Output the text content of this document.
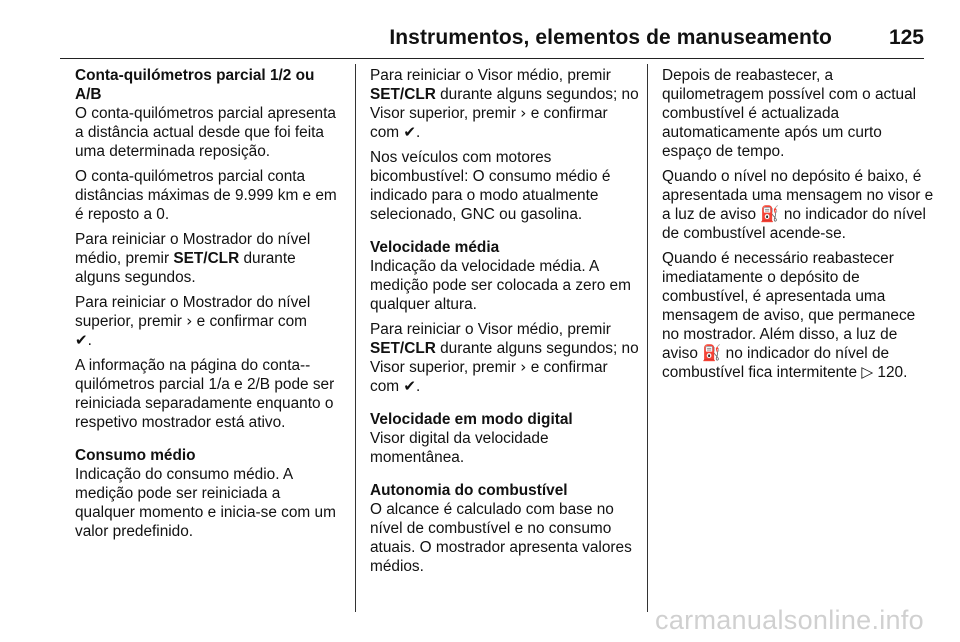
Instrumentos, elementos de manuseamento	125
Conta-quilómetros parcial 1/2 ou A/B

O conta-quilómetros parcial apresenta a distância actual desde que foi feita uma determinada reposição.

O conta-quilómetros parcial conta distâncias máximas de 9.999 km e em é reposto a 0.

Para reiniciar o Mostrador do nível médio, premir SET/CLR durante alguns segundos.

Para reiniciar o Mostrador do nível superior, premir › e confirmar com
✔.

A informação na página do conta--quilómetros parcial 1/a e 2/B pode ser reiniciada separadamente enquanto o respetivo mostrador está ativo.

Consumo médio

Indicação do consumo médio. A medição pode ser reiniciada a qualquer momento e inicia-se com um valor predefinido.

Para reiniciar o Visor médio, premir SET/CLR durante alguns segundos; no Visor superior, premir › e confirmar com ✔.

Nos veículos com motores bicombustível: O consumo médio é indicado para o modo atualmente selecionado, GNC ou gasolina.

Velocidade média

Indicação da velocidade média. A medição pode ser colocada a zero em qualquer altura.

Para reiniciar o Visor médio, premir SET/CLR durante alguns segundos; no Visor superior, premir › e confirmar com ✔.

Velocidade em modo digital

Visor digital da velocidade momentânea.

Autonomia do combustível

O alcance é calculado com base no nível de combustível e no consumo atuais. O mostrador apresenta valores médios.

Depois de reabastecer, a quilometragem possível com o actual combustível é actualizada automaticamente após um curto espaço de tempo.

Quando o nível no depósito é baixo, é apresentada uma mensagem no visor e a luz de aviso ⛽ no indicador do nível de combustível acende-se.

Quando é necessário reabastecer imediatamente o depósito de combustível, é apresentada uma mensagem de aviso, que permanece no mostrador. Além disso, a luz de aviso ⛽ no indicador do nível de combustível fica intermitente ▷ 120.

carmanualsonline.info
